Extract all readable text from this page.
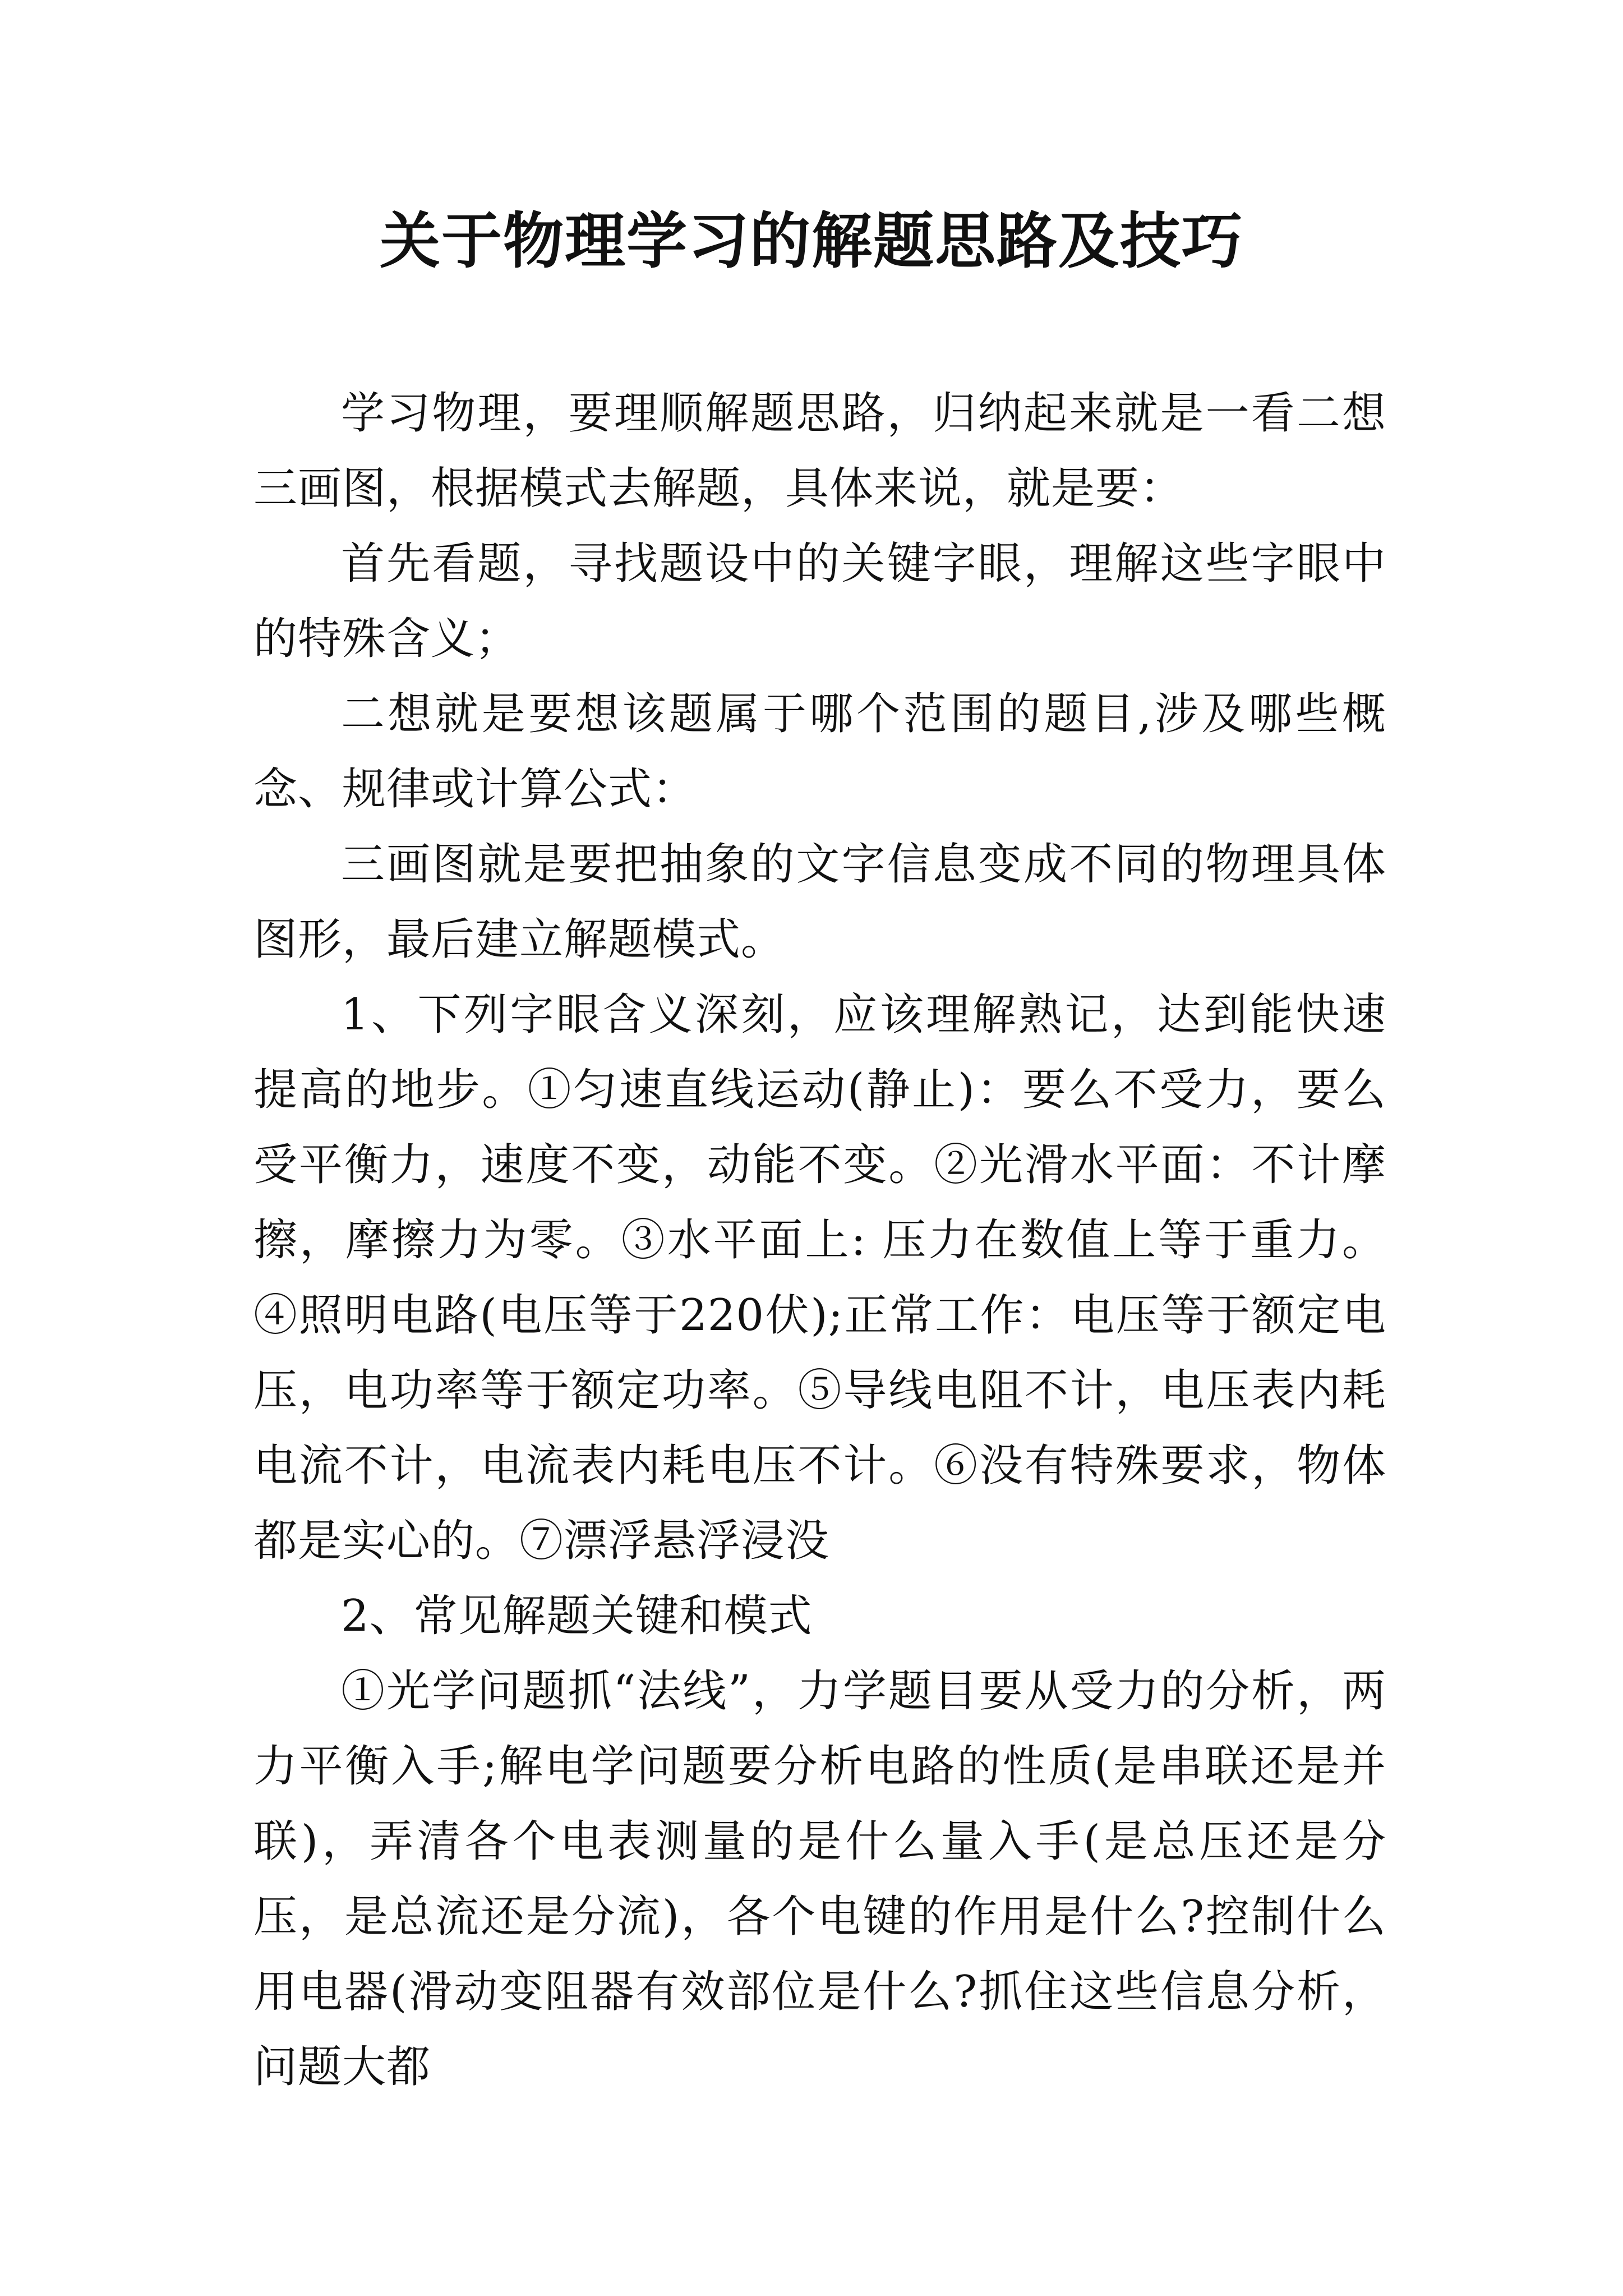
关于物理学习的解题思路及技巧

学习物理，要理顺解题思路，归纳起来就是一看二想三画图，根据模式去解题，具体来说，就是要：

首先看题，寻找题设中的关键字眼，理解这些字眼中的特殊含义；

二想就是要想该题属于哪个范围的题目,涉及哪些概念、规律或计算公式：

三画图就是要把抽象的文字信息变成不同的物理具体图形，最后建立解题模式。

1、下列字眼含义深刻，应该理解熟记，达到能快速提高的地步。①匀速直线运动(静止)：要么不受力，要么受平衡力，速度不变，动能不变。②光滑水平面：不计摩擦，摩擦力为零。③水平面上: 压力在数值上等于重力。④照明电路(电压等于220伏);正常工作：电压等于额定电压，电功率等于额定功率。⑤导线电阻不计，电压表内耗电流不计，电流表内耗电压不计。⑥没有特殊要求，物体都是实心的。⑦漂浮悬浮浸没

2、常见解题关键和模式

①光学问题抓“法线”，力学题目要从受力的分析，两力平衡入手;解电学问题要分析电路的性质(是串联还是并联)，弄清各个电表测量的是什么量入手(是总压还是分压，是总流还是分流)，各个电键的作用是什么?控制什么用电器(滑动变阻器有效部位是什么?抓住这些信息分析，问题大都
